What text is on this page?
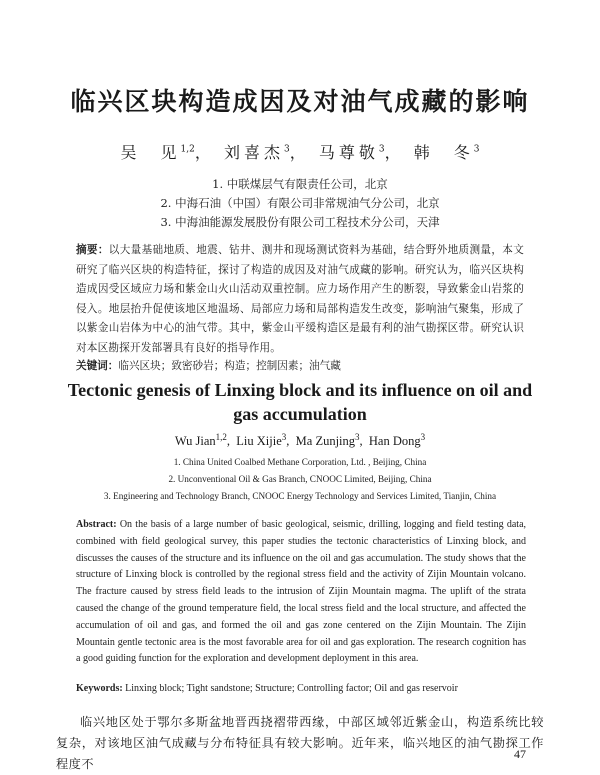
临兴区块构造成因及对油气成藏的影响
吴　见$^{1,2}$， 刘喜杰$^3$， 马尊敬$^3$， 韩　冬$^3$
1. 中联煤层气有限责任公司，北京
2. 中海石油（中国）有限公司非常规油气分公司，北京
3. 中海油能源发展股份有限公司工程技术分公司，天津
摘要：以大量基础地质、地震、钻井、测井和现场测试资料为基础，结合野外地质测量，本文研究了临兴区块的构造特征，探讨了构造的成因及对油气成藏的影响。研究认为，临兴区块构造成因受区域应力场和紫金山火山活动双重控制。应力场作用产生的断裂，导致紫金山岩浆的侵入。地层抬升促使该地区地温场、局部应力场和局部构造发生改变，影响油气聚集，形成了以紫金山岩体为中心的油气带。其中，紫金山平缓构造区是最有利的油气勘探区带。研究认识对本区勘探开发部署具有良好的指导作用。
关键词：临兴区块；致密砂岩；构造；控制因素；油气藏
Tectonic genesis of Linxing block and its influence on oil and gas accumulation
Wu Jian$^{1,2}$,  Liu Xijie$^3$,  Ma Zunjing$^3$,  Han Dong$^3$
1. China United Coalbed Methane Corporation, Ltd. , Beijing, China
2. Unconventional Oil & Gas Branch, CNOOC Limited, Beijing, China
3. Engineering and Technology Branch, CNOOC Energy Technology and Services Limited, Tianjin, China
Abstract: On the basis of a large number of basic geological, seismic, drilling, logging and field testing data, combined with field geological survey, this paper studies the tectonic characteristics of Linxing block, and discusses the causes of the structure and its influence on the oil and gas accumulation. The study shows that the structure of Linxing block is controlled by the regional stress field and the activity of Zijin Mountain volcano. The fracture caused by stress field leads to the intrusion of Zijin Mountain magma. The uplift of the strata caused the change of the ground temperature field, the local stress field and the local structure, and affected the accumulation of oil and gas, and formed the oil and gas zone centered on the Zijin Mountain. The Zijin Mountain gentle tectonic area is the most favorable area for oil and gas exploration. The research cognition has a good guiding function for the exploration and development deployment in this area.
Keywords: Linxing block; Tight sandstone; Structure; Controlling factor; Oil and gas reservoir
临兴地区处于鄂尔多斯盆地晋西挠褶带西缘，中部区域邻近紫金山，构造系统比较复杂，对该地区油气成藏与分布特征具有较大影响。近年来，临兴地区的油气勘探工作程度不
47
